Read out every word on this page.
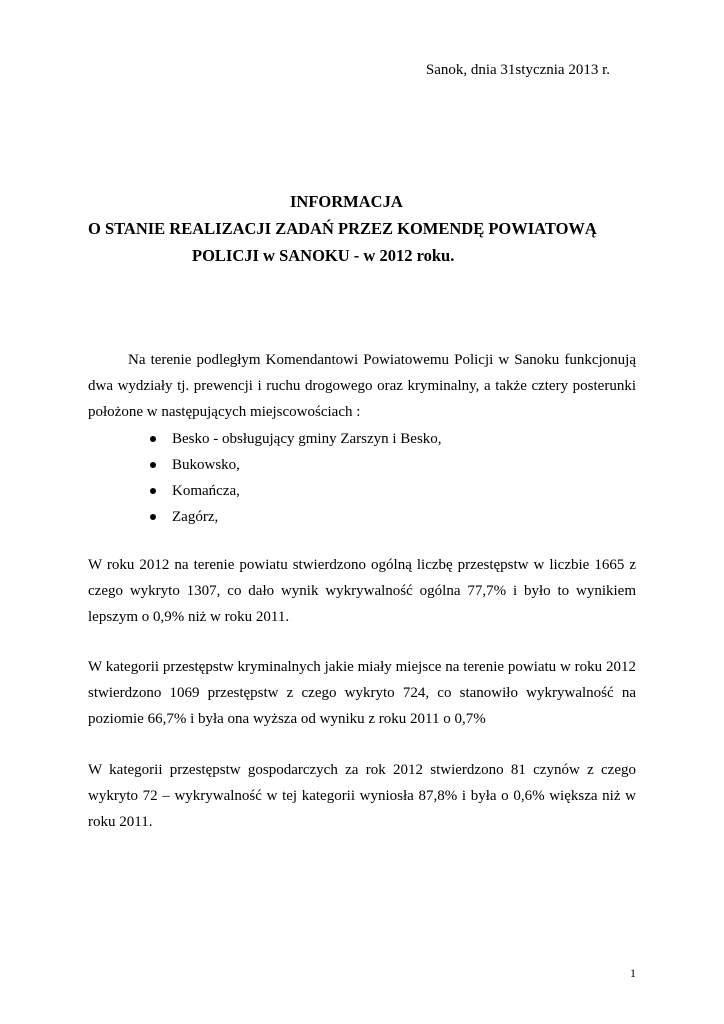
Sanok, dnia 31stycznia 2013 r.
INFORMACJA
O STANIE REALIZACJI ZADAŃ PRZEZ KOMENDĘ POWIATOWĄ
POLICJI w SANOKU - w 2012 roku.

Na terenie podległym Komendantowi Powiatowemu Policji w Sanoku funkcjonują dwa wydziały tj. prewencji i ruchu drogowego oraz kryminalny, a także cztery posterunki położone w następujących miejscowościach :

Besko - obsługujący gminy Zarszyn i Besko,
Bukowsko,
Komańcza,
Zagórz,

W roku 2012 na terenie powiatu stwierdzono ogólną liczbę przestępstw w liczbie 1665 z czego wykryto 1307, co dało wynik wykrywalność ogólna 77,7% i było to wynikiem lepszym o 0,9% niż w roku 2011.

W kategorii przestępstw kryminalnych jakie miały miejsce na terenie powiatu w roku 2012 stwierdzono 1069 przestępstw z czego wykryto 724, co stanowiło wykrywalność na poziomie 66,7% i była ona wyższa od wyniku z roku 2011 o 0,7%

W kategorii przestępstw gospodarczych za rok 2012 stwierdzono 81 czynów z czego wykryto 72 – wykrywalność w tej kategorii wyniosła 87,8% i była o 0,6% większa niż w roku 2011.

1
